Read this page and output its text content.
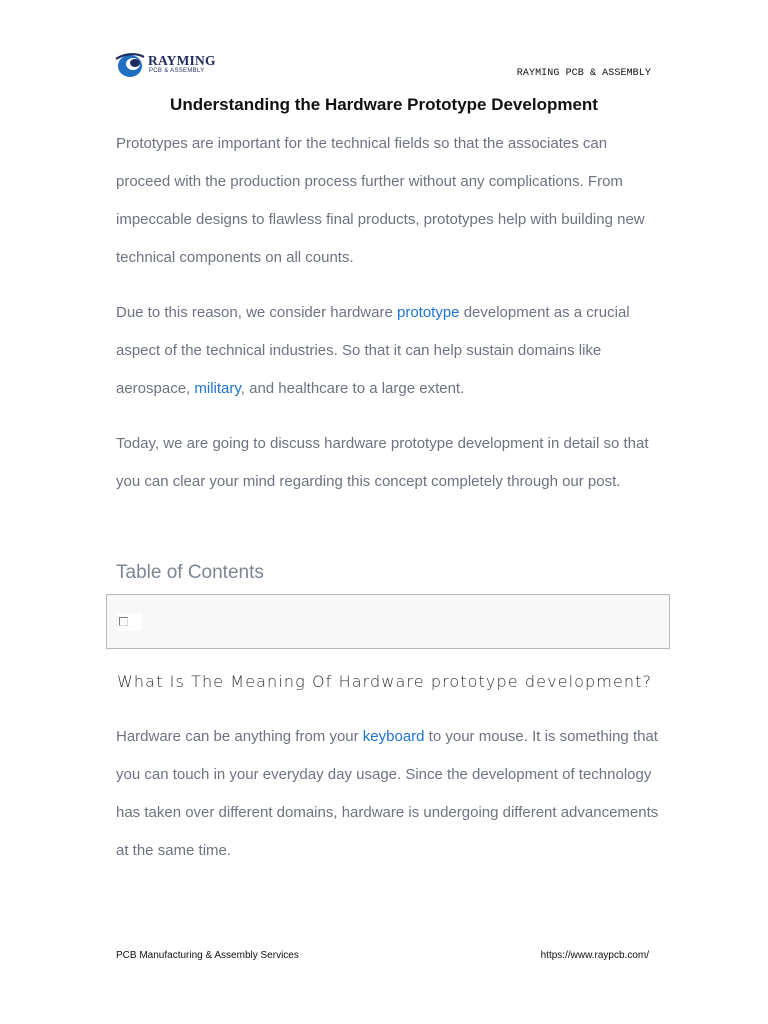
RAYMING
PCB & ASSEMBLY	RAYMING PCB & ASSEMBLY
Understanding the Hardware Prototype Development

Prototypes are important for the technical fields so that the associates can proceed with the production process further without any complications. From impeccable designs to flawless final products, prototypes help with building new technical components on all counts.

Due to this reason, we consider hardware prototype development as a crucial aspect of the technical industries. So that it can help sustain domains like aerospace, military, and healthcare to a large extent.

Today, we are going to discuss hardware prototype development in detail so that you can clear your mind regarding this concept completely through our post.

Table of Contents
What Is The Meaning Of Hardware prototype development?

Hardware can be anything from your keyboard to your mouse. It is something that you can touch in your everyday day usage. Since the development of technology has taken over different domains, hardware is undergoing different advancements at the same time.

PCB Manufacturing & Assembly Services	https://www.raypcb.com/
